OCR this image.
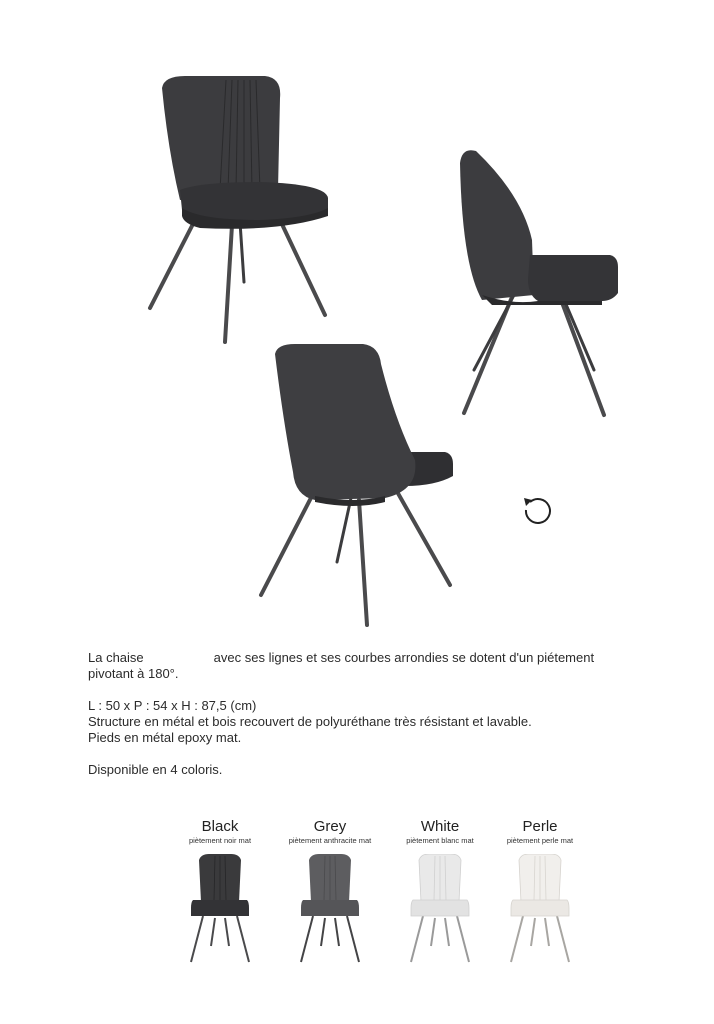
La chaise	avec ses lignes et ses courbes arrondies se dotent d'un piétement

pivotant à 180°.

L : 50 x P : 54 x H : 87,5 (cm)

Structure en métal et bois recouvert de polyuréthane très résistant et lavable.

Pieds en métal epoxy mat.

Disponible en 4 coloris.

Black
piètement noir mat
Grey
piètement anthracite mat
White
piètement blanc mat
Perle
piètement perle mat
